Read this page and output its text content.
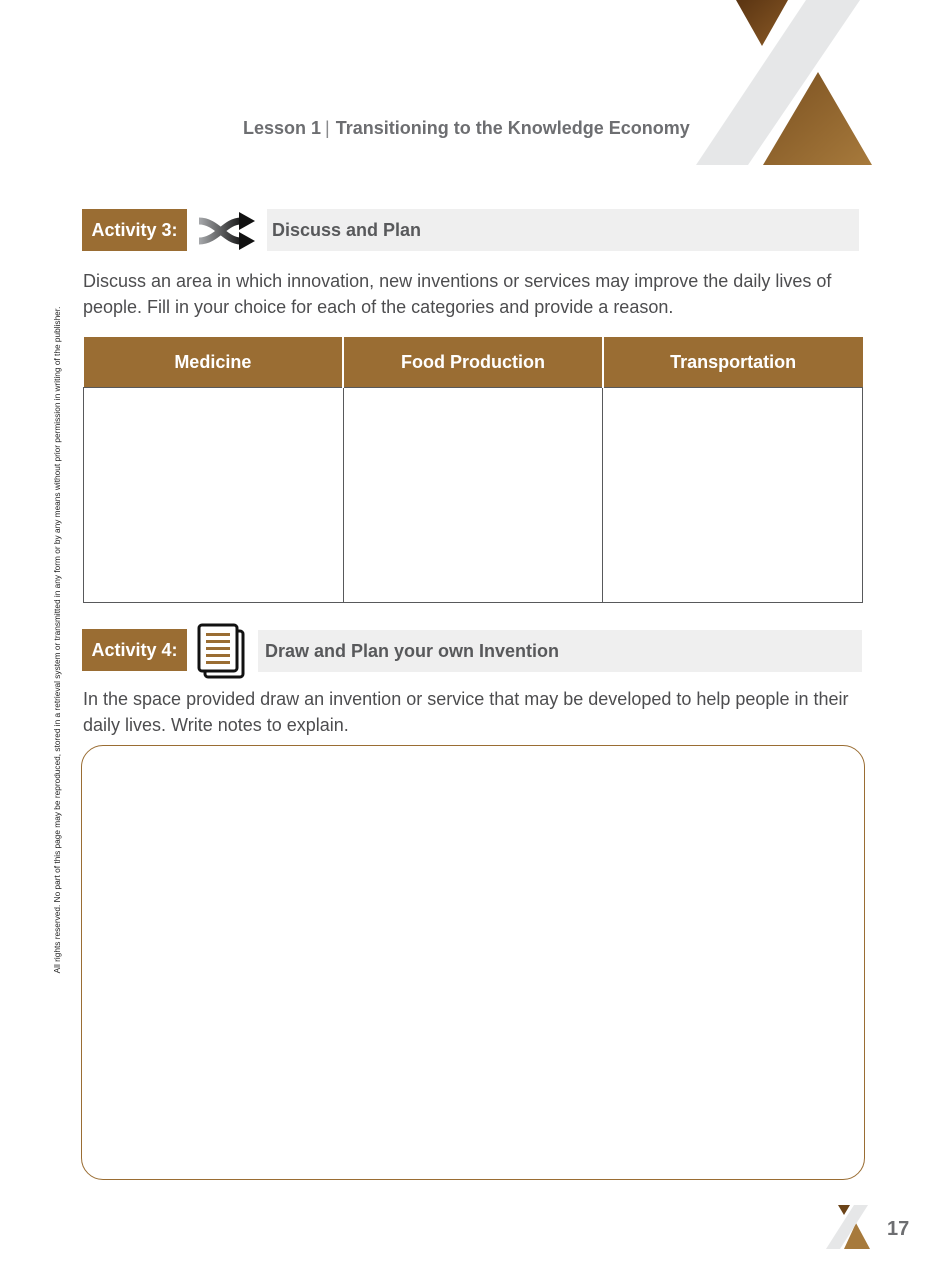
Lesson 1 | Transitioning to the Knowledge Economy
All rights reserved. No part of this page may be reproduced, stored in a retrieval system or transmitted in any form or by any means without prior permission in writing of the publisher.
Activity 3:	Discuss and Plan
Discuss an area in which innovation, new inventions or services may improve the daily lives of people. Fill in your choice for each of the categories and provide a reason.
Medicine	Food Production	Transportation

Activity 4:	Draw and Plan your own Invention
In the space provided draw an invention or service that may be developed to help people in their daily lives. Write notes to explain.
17
